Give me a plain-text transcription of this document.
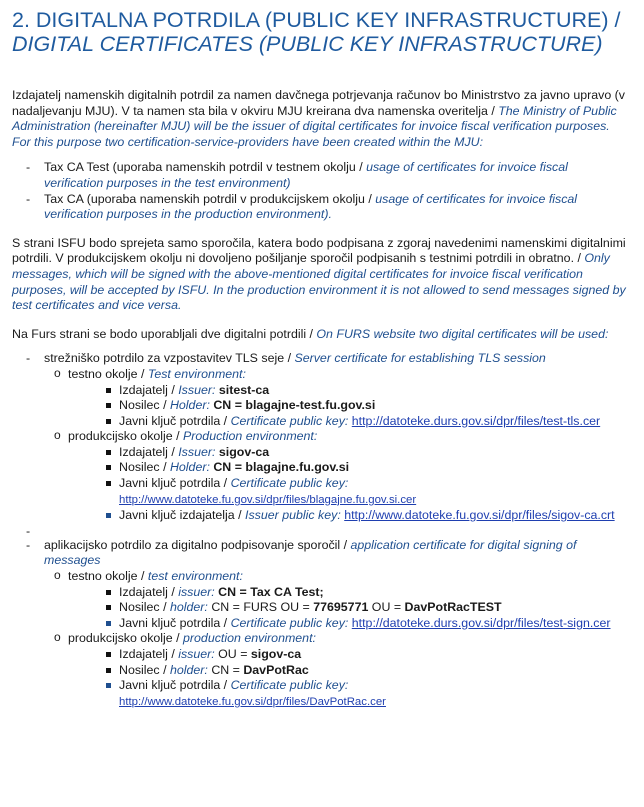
2. DIGITALNA POTRDILA (PUBLIC KEY INFRASTRUCTURE) /
DIGITAL CERTIFICATES (PUBLIC KEY INFRASTRUCTURE)

Izdajatelj namenskih digitalnih potrdil za namen davčnega potrjevanja računov bo Ministrstvo za javno upravo (v nadaljevanju MJU). V ta namen sta bila v okviru MJU kreirana dva namenska overitelja / The Ministry of Public Administration (hereinafter MJU) will be the issuer of digital certificates for invoice fiscal verification purposes. For this purpose two certification-service-providers have been created within the MJU:

- Tax CA Test (uporaba namenskih potrdil v testnem okolju / usage of certificates for invoice fiscal verification purposes in the test environment)
- Tax CA (uporaba namenskih potrdil v produkcijskem okolju / usage of certificates for invoice fiscal verification purposes in the production environment).

S strani ISFU bodo sprejeta samo sporočila, katera bodo podpisana z zgoraj navedenimi namenskimi digitalnimi potrdili. V produkcijskem okolju ni dovoljeno pošiljanje sporočil podpisanih s testnimi potrdili in obratno. / Only messages, which will be signed with the above-mentioned digital certificates for invoice fiscal verification purposes, will be accepted by ISFU. In the production environment it is not allowed to send messages signed by test certificates and vice versa.

Na Furs strani se bodo uporabljali dve digitalni potrdili / On FURS website two digital certificates will be used:

- strežniško potrdilo za vzpostavitev TLS seje / Server certificate for establishing TLS session
o testno okolje / Test environment:
Izdajatelj / Issuer: sitest-ca
Nosilec / Holder: CN = blagajne-test.fu.gov.si
Javni ključ potrdila / Certificate public key: http://datoteke.durs.gov.si/dpr/files/test-tls.cer
o produkcijsko okolje / Production environment:
Izdajatelj / Issuer: sigov-ca
Nosilec / Holder: CN = blagajne.fu.gov.si
Javni ključ potrdila / Certificate public key:
http://www.datoteke.fu.gov.si/dpr/files/blagajne.fu.gov.si.cer
Javni ključ izdajatelja / Issuer public key: http://www.datoteke.fu.gov.si/dpr/files/sigov-ca.crt
-
- aplikacijsko potrdilo za digitalno podpisovanje sporočil / application certificate for digital signing of messages
o testno okolje / test environment:
Izdajatelj / issuer: CN = Tax CA Test;
Nosilec / holder: CN = FURS OU = 77695771 OU = DavPotRacTEST
Javni ključ potrdila / Certificate public key: http://datoteke.durs.gov.si/dpr/files/test-sign.cer
o produkcijsko okolje / production environment:
Izdajatelj / issuer: OU = sigov-ca
Nosilec / holder: CN = DavPotRac
Javni ključ potrdila / Certificate public key:
http://www.datoteke.fu.gov.si/dpr/files/DavPotRac.cer
